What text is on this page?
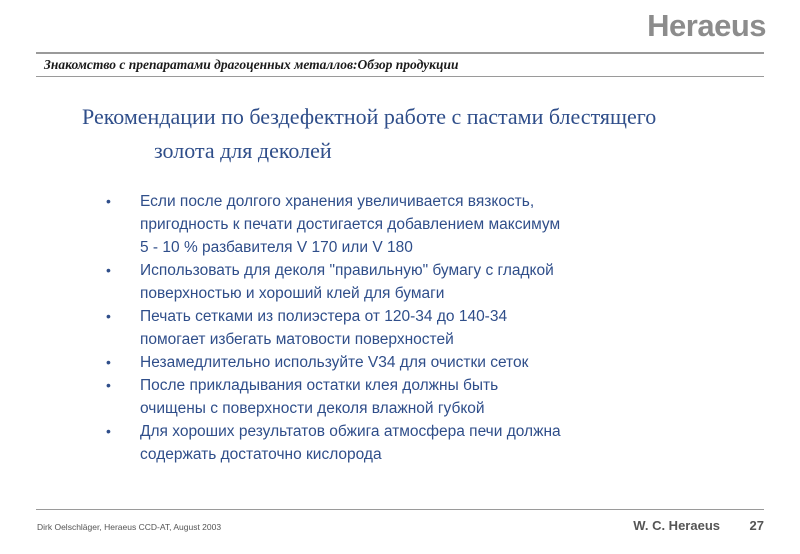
Heraeus
Знакомство с препаратами драгоценных металлов:Обзор продукции
Рекомендации по бездефектной работе с пастами блестящего
золота для деколей
• Если после долгого хранения увеличивается вязкость,
пригодность к печати достигается добавлением максимум
5 - 10 % разбавителя V 170 или V 180
• Использовать для деколя "правильную" бумагу с гладкой
поверхностью и хороший клей для бумаги
• Печать сетками из полиэстера от 120-34 до 140-34
помогает избегать матовости поверхностей
• Незамедлительно используйте V34 для очистки сеток
• После прикладывания остатки клея должны быть
очищены с поверхности деколя влажной губкой
• Для хороших результатов обжига атмосфера печи должна
содержать достаточно кислорода
Dirk Oelschläger, Heraeus CCD-AT, August 2003	W. C. Heraeus 27
